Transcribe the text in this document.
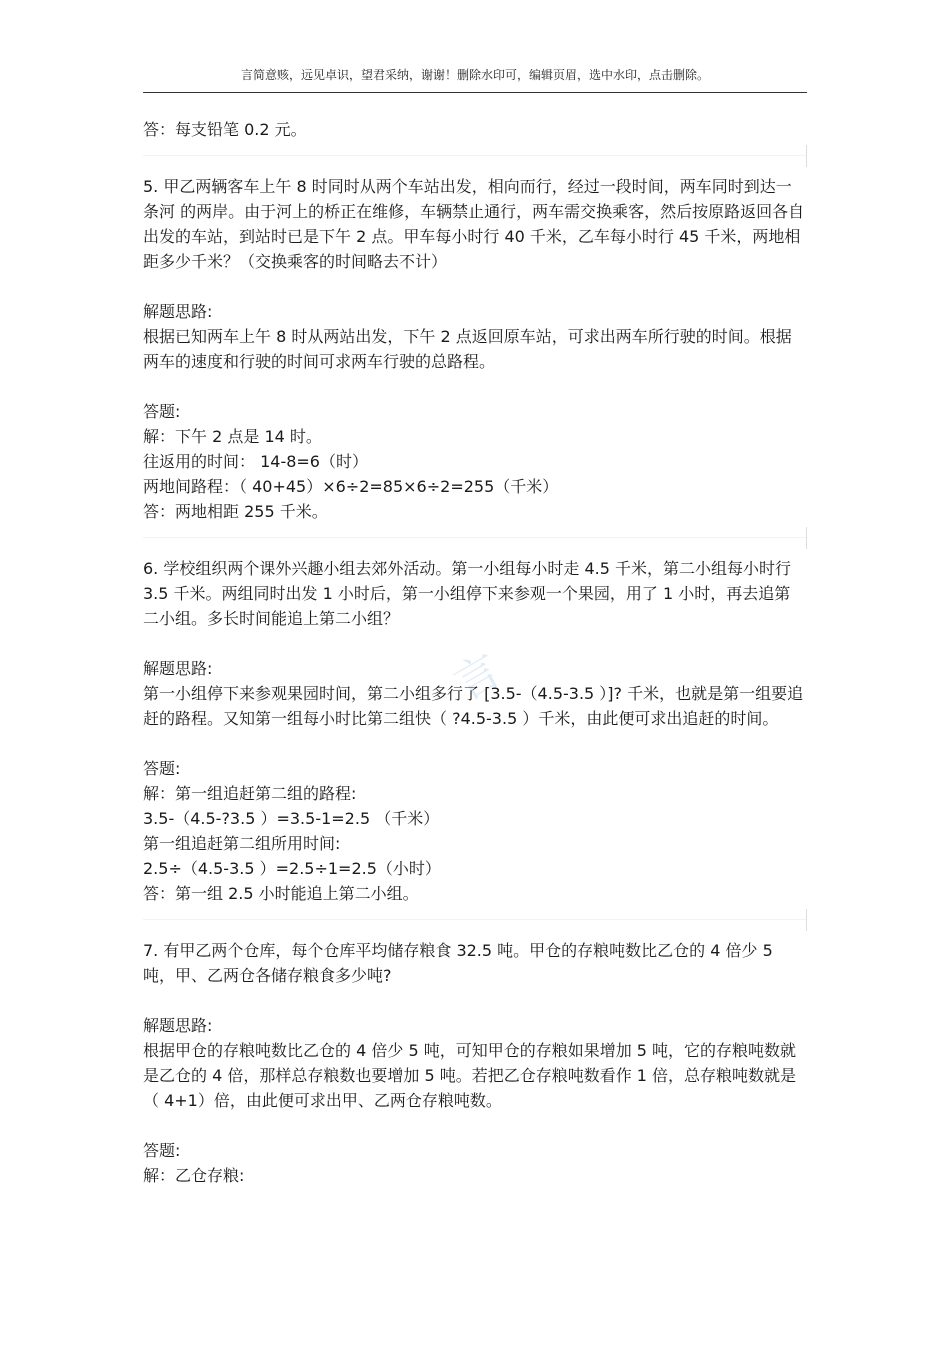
言简意赅，远见卓识，望君采纳，谢谢！删除水印可，编辑页眉，选中水印，点击删除。
言

答：每支铅笔 0.2 元。

5. 甲乙两辆客车上午 8 时同时从两个车站出发，相向而行，经过一段时间，两车同时到达一条河 的两岸。由于河上的桥正在维修，车辆禁止通行，两车需交换乘客，然后按原路返回各自出发的车站，到站时已是下午 2 点。甲车每小时行 40 千米，乙车每小时行 45 千米，两地相距多少千米？（交换乘客的时间略去不计）

解题思路:

根据已知两车上午 8 时从两站出发，下午 2 点返回原车站，可求出两车所行驶的时间。根据两车的速度和行驶的时间可求两车行驶的总路程。

答题:

解：下午 2 点是 14 时。

往返用的时间： 14-8=6（时）

两地间路程：（ 40+45）×6÷2=85×6÷2=255（千米）

答：两地相距 255 千米。

6. 学校组织两个课外兴趣小组去郊外活动。第一小组每小时走 4.5 千米，第二小组每小时行 3.5 千米。两组同时出发 1 小时后，第一小组停下来参观一个果园，用了 1 小时，再去追第二小组。多长时间能追上第二小组？

解题思路:

第一小组停下来参观果园时间，第二小组多行了 [3.5-（4.5-3.5 ）]? 千米，也就是第一组要追赶的路程。又知第一组每小时比第二组快（ ?4.5-3.5 ）千米，由此便可求出追赶的时间。

答题:

解：第一组追赶第二组的路程:

3.5-（4.5-?3.5 ）=3.5-1=2.5 （千米）

第一组追赶第二组所用时间:

2.5÷（4.5-3.5 ）=2.5÷1=2.5（小时）

答：第一组 2.5 小时能追上第二小组。

7. 有甲乙两个仓库，每个仓库平均储存粮食 32.5 吨。甲仓的存粮吨数比乙仓的 4 倍少 5 吨，甲、乙两仓各储存粮食多少吨?

解题思路:

根据甲仓的存粮吨数比乙仓的 4 倍少 5 吨，可知甲仓的存粮如果增加 5 吨，它的存粮吨数就是乙仓的 4 倍，那样总存粮数也要增加 5 吨。若把乙仓存粮吨数看作 1 倍，总存粮吨数就是（ 4+1）倍，由此便可求出甲、乙两仓存粮吨数。

答题:

解：乙仓存粮:
